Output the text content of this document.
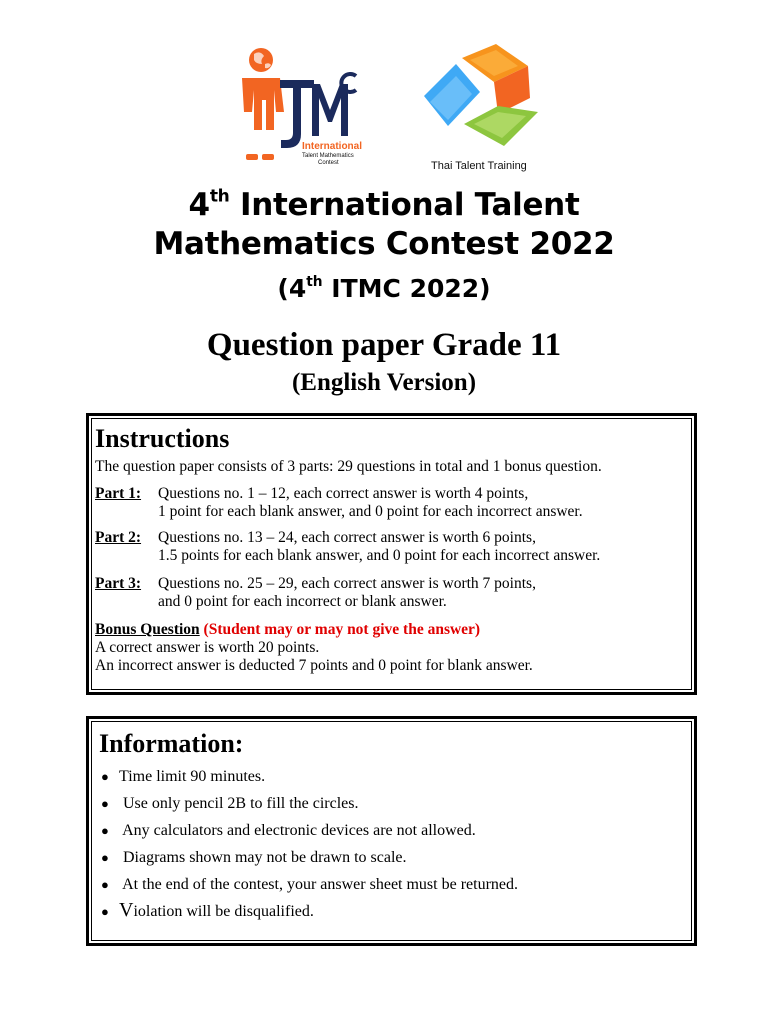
International
Talent Mathematics
Contest	Thai Talent Training
4th International Talent
Mathematics Contest 2022
(4th ITMC 2022)
Question paper Grade 11
(English Version)
Instructions
The question paper consists of 3 parts: 29 questions in total and 1 bonus question.
Part 1: Questions no. 1 – 12, each correct answer is worth 4 points,
1 point for each blank answer, and 0 point for each incorrect answer.
Part 2: Questions no. 13 – 24, each correct answer is worth 6 points,
1.5 points for each blank answer, and 0 point for each incorrect answer.
Part 3: Questions no. 25 – 29, each correct answer is worth 7 points,
and 0 point for each incorrect or blank answer.
Bonus Question (Student may or may not give the answer)
A correct answer is worth 20 points.
An incorrect answer is deducted 7 points and 0 point for blank answer.
Information:
● Time limit 90 minutes.
● Use only pencil 2B to fill the circles.
● Any calculators and electronic devices are not allowed.
● Diagrams shown may not be drawn to scale.
● At the end of the contest, your answer sheet must be returned.
● Violation will be disqualified.
